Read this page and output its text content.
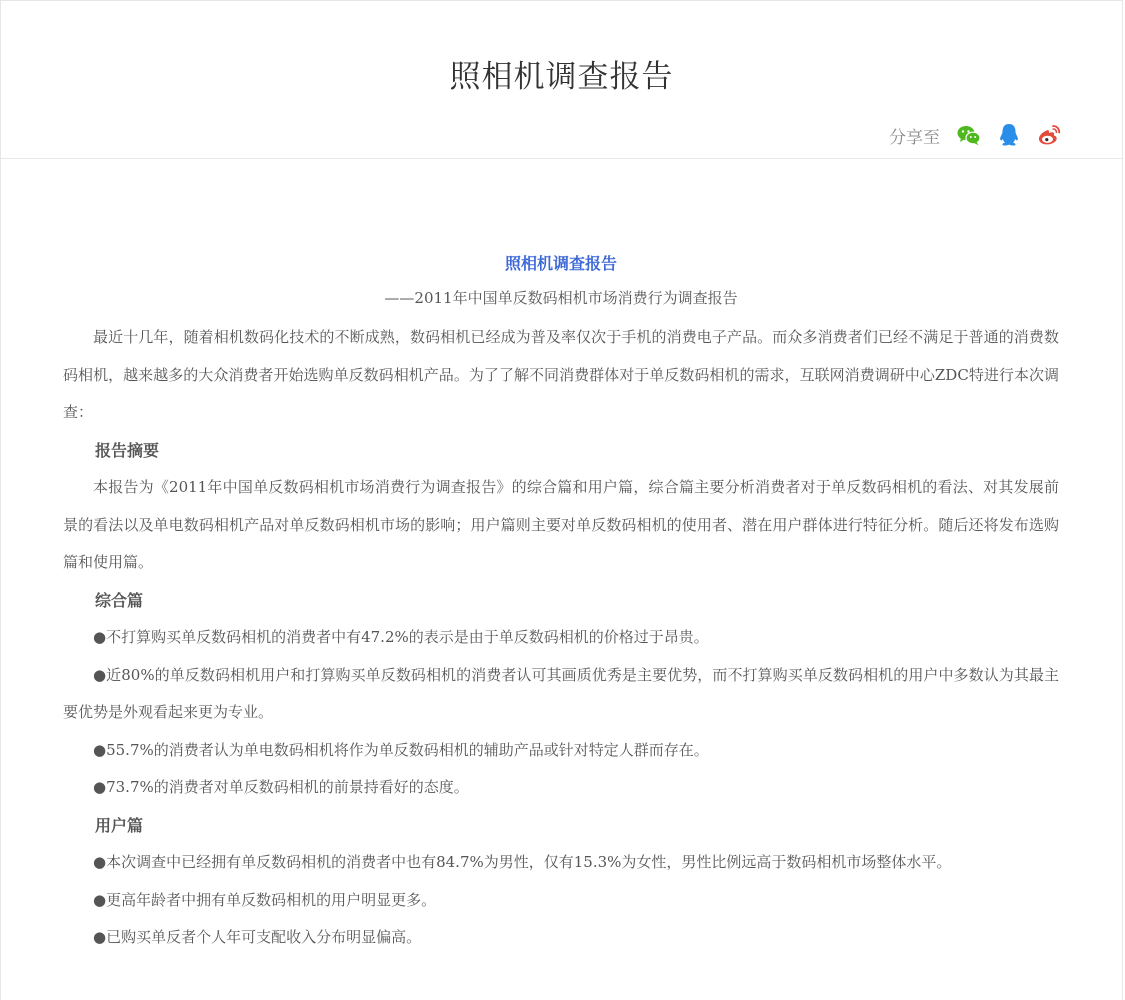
照相机调查报告
分享至

照相机调查报告

——2011年中国单反数码相机市场消费行为调查报告

最近十几年，随着相机数码化技术的不断成熟，数码相机已经成为普及率仅次于手机的消费电子产品。而众多消费者们已经不满足于普通的消费数码相机，越来越多的大众消费者开始选购单反数码相机产品。为了了解不同消费群体对于单反数码相机的需求，互联网消费调研中心ZDC特进行本次调查：

报告摘要

本报告为《2011年中国单反数码相机市场消费行为调查报告》的综合篇和用户篇，综合篇主要分析消费者对于单反数码相机的看法、对其发展前景的看法以及单电数码相机产品对单反数码相机市场的影响；用户篇则主要对单反数码相机的使用者、潜在用户群体进行特征分析。随后还将发布选购篇和使用篇。

综合篇

●不打算购买单反数码相机的消费者中有47.2%的表示是由于单反数码相机的价格过于昂贵。

●近80%的单反数码相机用户和打算购买单反数码相机的消费者认可其画质优秀是主要优势，而不打算购买单反数码相机的用户中多数认为其最主要优势是外观看起来更为专业。

●55.7%的消费者认为单电数码相机将作为单反数码相机的辅助产品或针对特定人群而存在。

●73.7%的消费者对单反数码相机的前景持看好的态度。

用户篇

●本次调查中已经拥有单反数码相机的消费者中也有84.7%为男性，仅有15.3%为女性，男性比例远高于数码相机市场整体水平。

●更高年龄者中拥有单反数码相机的用户明显更多。

●已购买单反者个人年可支配收入分布明显偏高。
